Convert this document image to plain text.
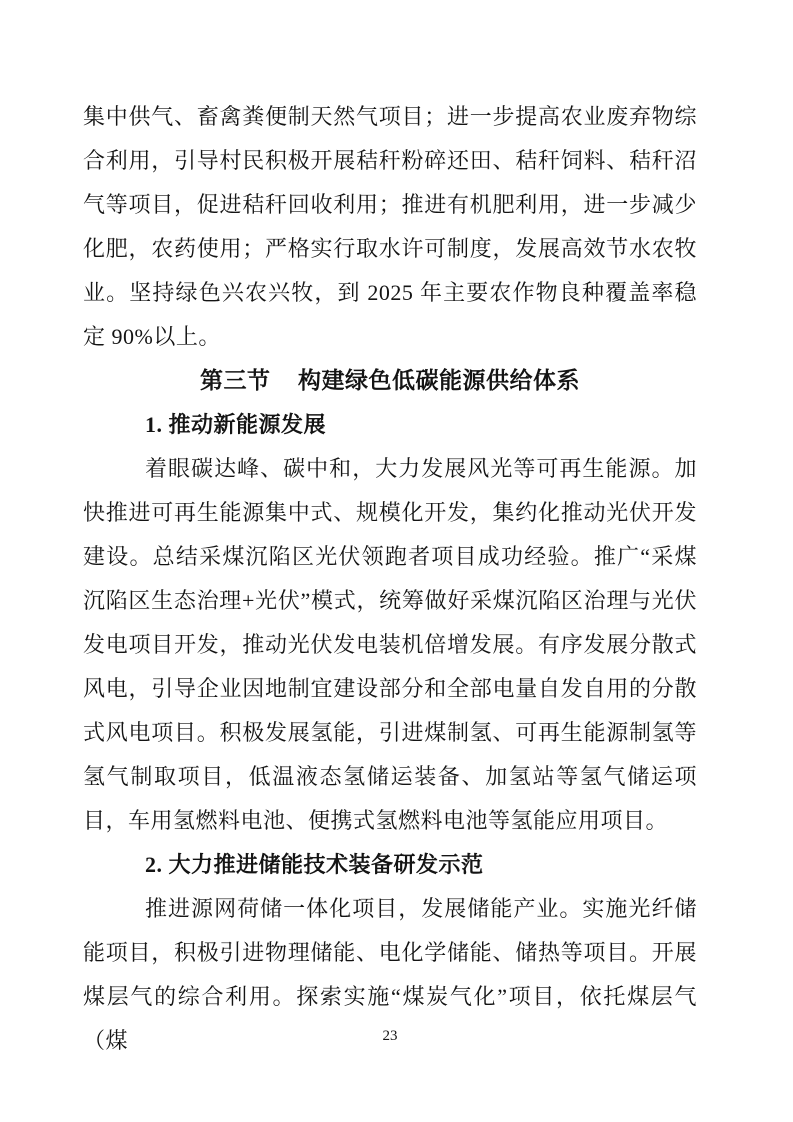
集中供气、畜禽粪便制天然气项目；进一步提高农业废弃物综合利用，引导村民积极开展秸秆粉碎还田、秸秆饲料、秸秆沼气等项目，促进秸秆回收利用；推进有机肥利用，进一步减少化肥，农药使用；严格实行取水许可制度，发展高效节水农牧业。坚持绿色兴农兴牧，到 2025 年主要农作物良种覆盖率稳定 90%以上。

第三节 构建绿色低碳能源供给体系
1. 推动新能源发展

着眼碳达峰、碳中和，大力发展风光等可再生能源。加快推进可再生能源集中式、规模化开发，集约化推动光伏开发建设。总结采煤沉陷区光伏领跑者项目成功经验。推广“采煤沉陷区生态治理+光伏”模式，统筹做好采煤沉陷区治理与光伏发电项目开发，推动光伏发电装机倍增发展。有序发展分散式风电，引导企业因地制宜建设部分和全部电量自发自用的分散式风电项目。积极发展氢能，引进煤制氢、可再生能源制氢等氢气制取项目，低温液态氢储运装备、加氢站等氢气储运项目，车用氢燃料电池、便携式氢燃料电池等氢能应用项目。

2. 大力推进储能技术装备研发示范

推进源网荷储一体化项目，发展储能产业。实施光纤储能项目，积极引进物理储能、电化学储能、储热等项目。开展煤层气的综合利用。探索实施“煤炭气化”项目，依托煤层气（煤	23
